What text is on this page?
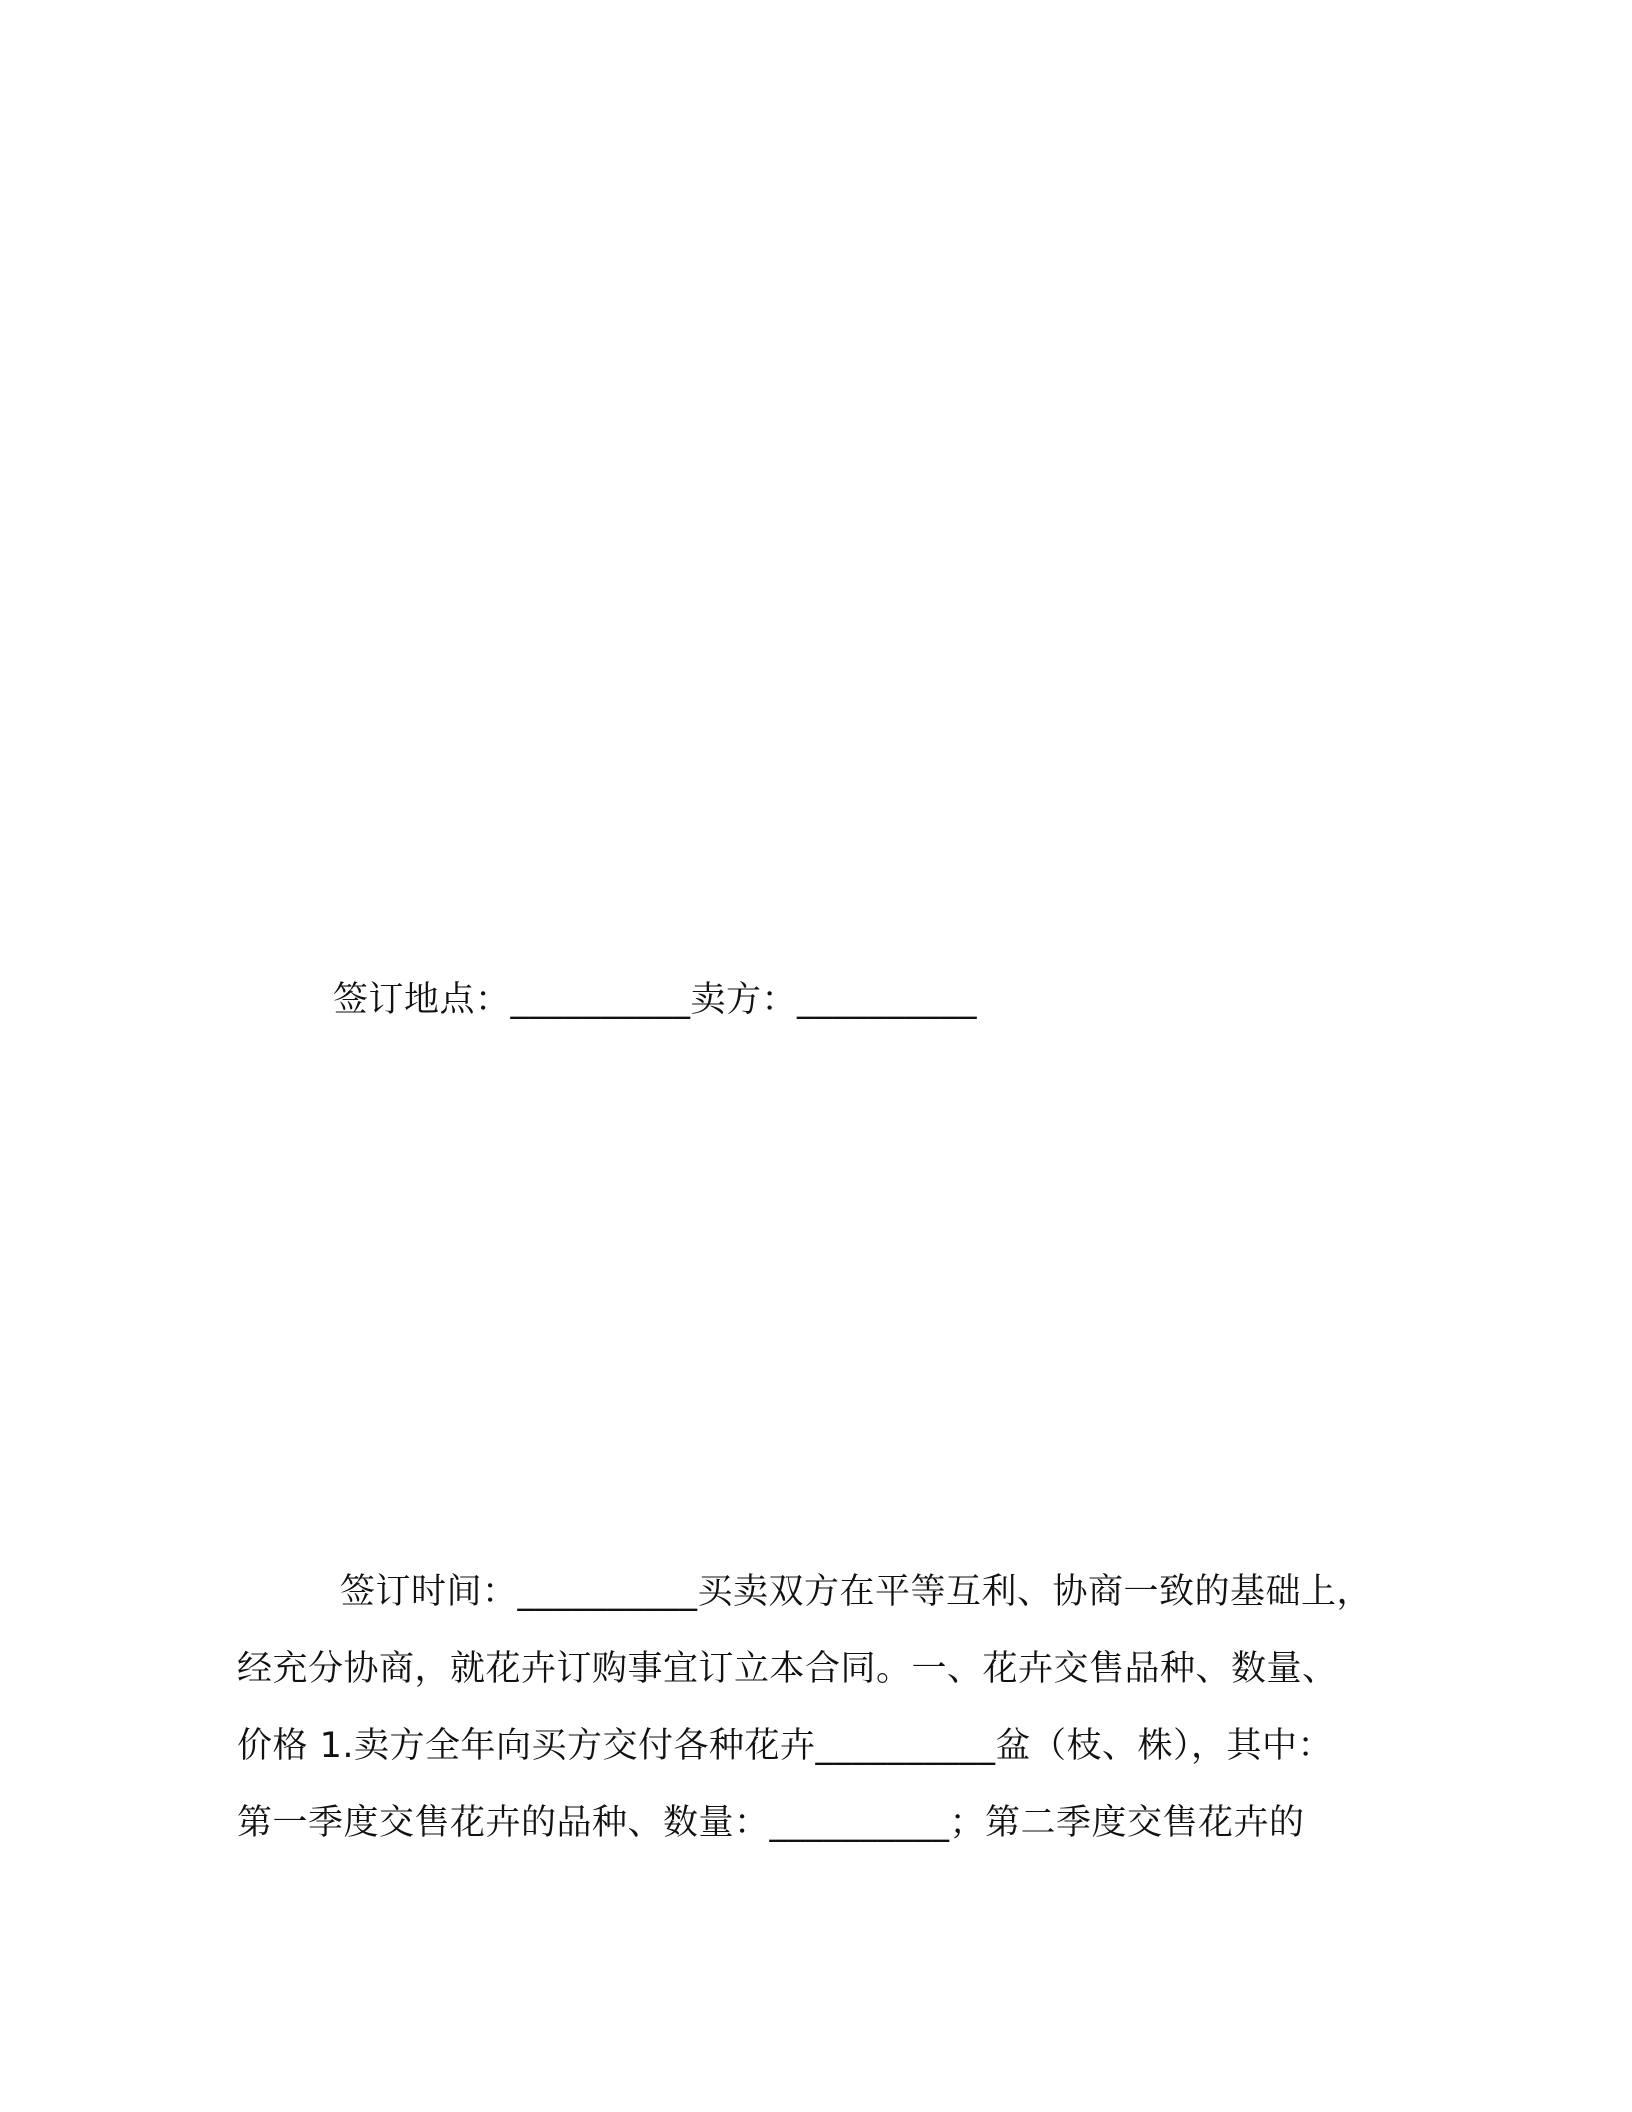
签订地点：__________卖方：__________
签订时间：__________买卖双方在平等互利、协商一致的基础上，
经充分协商，就花卉订购事宜订立本合同。一、花卉交售品种、数量、
价格 1.卖方全年向买方交付各种花卉__________盆（枝、株），其中：
第一季度交售花卉的品种、数量：__________；第二季度交售花卉的
